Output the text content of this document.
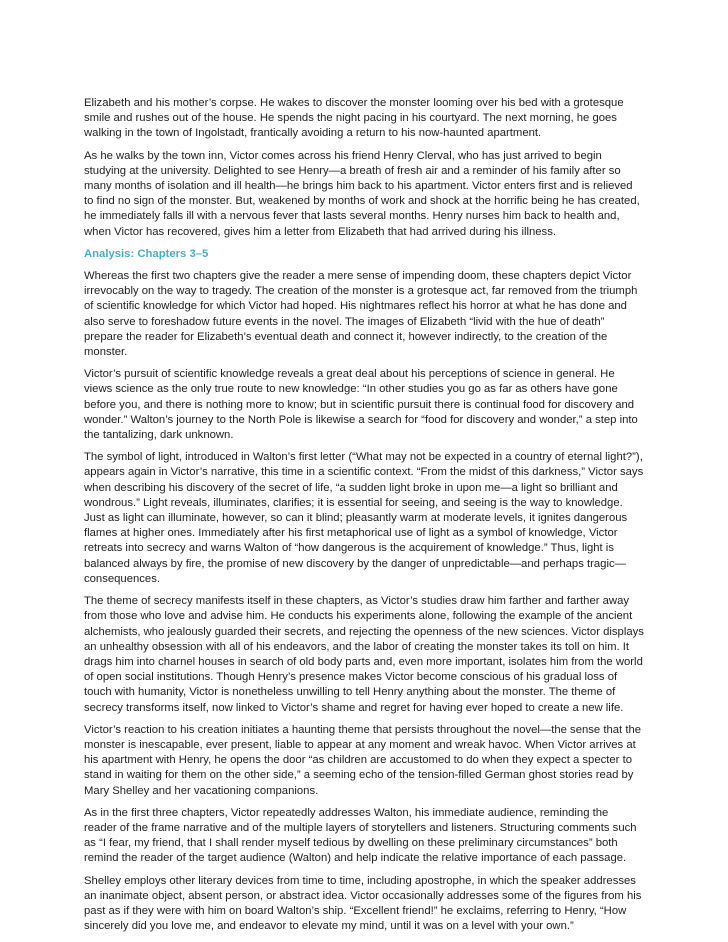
Elizabeth and his mother’s corpse. He wakes to discover the monster looming over his bed with a grotesque smile and rushes out of the house. He spends the night pacing in his courtyard. The next morning, he goes walking in the town of Ingolstadt, frantically avoiding a return to his now-haunted apartment.

As he walks by the town inn, Victor comes across his friend Henry Clerval, who has just arrived to begin studying at the university. Delighted to see Henry—a breath of fresh air and a reminder of his family after so many months of isolation and ill health—he brings him back to his apartment. Victor enters first and is relieved to find no sign of the monster. But, weakened by months of work and shock at the horrific being he has created, he immediately falls ill with a nervous fever that lasts several months. Henry nurses him back to health and, when Victor has recovered, gives him a letter from Elizabeth that had arrived during his illness.

Analysis: Chapters 3–5

Whereas the first two chapters give the reader a mere sense of impending doom, these chapters depict Victor irrevocably on the way to tragedy. The creation of the monster is a grotesque act, far removed from the triumph of scientific knowledge for which Victor had hoped. His nightmares reflect his horror at what he has done and also serve to foreshadow future events in the novel. The images of Elizabeth “livid with the hue of death” prepare the reader for Elizabeth’s eventual death and connect it, however indirectly, to the creation of the monster.

Victor’s pursuit of scientific knowledge reveals a great deal about his perceptions of science in general. He views science as the only true route to new knowledge: “In other studies you go as far as others have gone before you, and there is nothing more to know; but in scientific pursuit there is continual food for discovery and wonder.” Walton’s journey to the North Pole is likewise a search for “food for discovery and wonder,” a step into the tantalizing, dark unknown.

The symbol of light, introduced in Walton’s first letter (“What may not be expected in a country of eternal light?”), appears again in Victor’s narrative, this time in a scientific context. “From the midst of this darkness,” Victor says when describing his discovery of the secret of life, “a sudden light broke in upon me—a light so brilliant and wondrous.” Light reveals, illuminates, clarifies; it is essential for seeing, and seeing is the way to knowledge. Just as light can illuminate, however, so can it blind; pleasantly warm at moderate levels, it ignites dangerous flames at higher ones. Immediately after his first metaphorical use of light as a symbol of knowledge, Victor retreats into secrecy and warns Walton of “how dangerous is the acquirement of knowledge.” Thus, light is balanced always by fire, the promise of new discovery by the danger of unpredictable—and perhaps tragic—consequences.

The theme of secrecy manifests itself in these chapters, as Victor’s studies draw him farther and farther away from those who love and advise him. He conducts his experiments alone, following the example of the ancient alchemists, who jealously guarded their secrets, and rejecting the openness of the new sciences. Victor displays an unhealthy obsession with all of his endeavors, and the labor of creating the monster takes its toll on him. It drags him into charnel houses in search of old body parts and, even more important, isolates him from the world of open social institutions. Though Henry’s presence makes Victor become conscious of his gradual loss of touch with humanity, Victor is nonetheless unwilling to tell Henry anything about the monster. The theme of secrecy transforms itself, now linked to Victor’s shame and regret for having ever hoped to create a new life.

Victor’s reaction to his creation initiates a haunting theme that persists throughout the novel—the sense that the monster is inescapable, ever present, liable to appear at any moment and wreak havoc. When Victor arrives at his apartment with Henry, he opens the door “as children are accustomed to do when they expect a specter to stand in waiting for them on the other side,” a seeming echo of the tension-filled German ghost stories read by Mary Shelley and her vacationing companions.

As in the first three chapters, Victor repeatedly addresses Walton, his immediate audience, reminding the reader of the frame narrative and of the multiple layers of storytellers and listeners. Structuring comments such as “I fear, my friend, that I shall render myself tedious by dwelling on these preliminary circumstances” both remind the reader of the target audience (Walton) and help indicate the relative importance of each passage.

Shelley employs other literary devices from time to time, including apostrophe, in which the speaker addresses an inanimate object, absent person, or abstract idea. Victor occasionally addresses some of the figures from his past as if they were with him on board Walton’s ship. “Excellent friend!” he exclaims, referring to Henry, “How sincerely did you love me, and endeavor to elevate my mind, until it was on a level with your own.”
